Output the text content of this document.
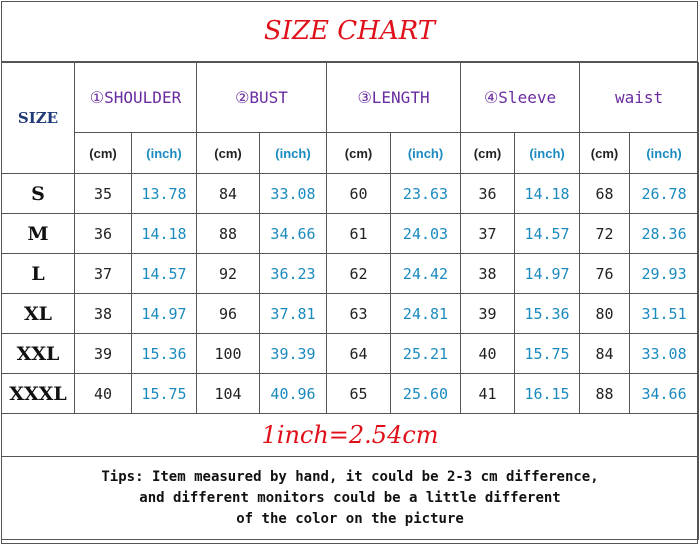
SIZE CHART
SIZE	①SHOULDER		②BUST		③LENGTH		④Sleeve		waist	
	(cm)	(inch)	(cm)	(inch)	(cm)	(inch)	(cm)	(inch)	(cm)	(inch)
S	35	13.78	84	33.08	60	23.63	36	14.18	68	26.78
M	36	14.18	88	34.66	61	24.03	37	14.57	72	28.36
L	37	14.57	92	36.23	62	24.42	38	14.97	76	29.93
XL	38	14.97	96	37.81	63	24.81	39	15.36	80	31.51
XXL	39	15.36	100	39.39	64	25.21	40	15.75	84	33.08
XXXL	40	15.75	104	40.96	65	25.60	41	16.15	88	34.66
1inch=2.54cm										

Tips: Item measured by hand, it could be 2-3 cm difference,
and different monitors could be a little different
of the color on the picture										
